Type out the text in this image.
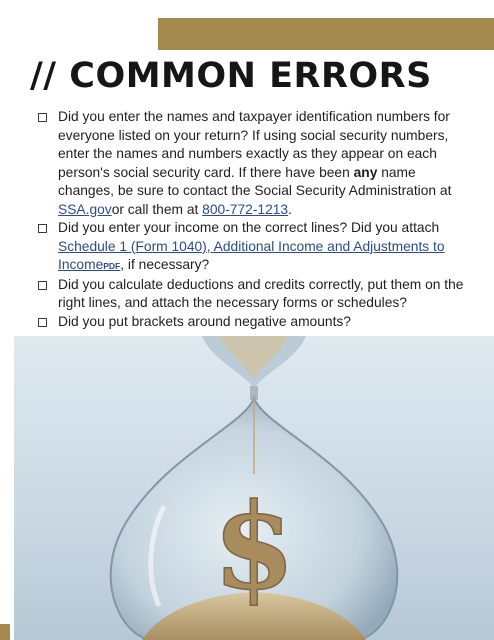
// COMMON ERRORS
Did you enter the names and taxpayer identification numbers for everyone listed on your return? If using social security numbers, enter the names and numbers exactly as they appear on each person's social security card. If there have been any name changes, be sure to contact the Social Security Administration at SSA.govor call them at 800-772-1213.
Did you enter your income on the correct lines? Did you attach Schedule 1 (Form 1040), Additional Income and Adjustments to IncomePDF, if necessary?
Did you calculate deductions and credits correctly, put them on the right lines, and attach the necessary forms or schedules?
Did you put brackets around negative amounts?
$
